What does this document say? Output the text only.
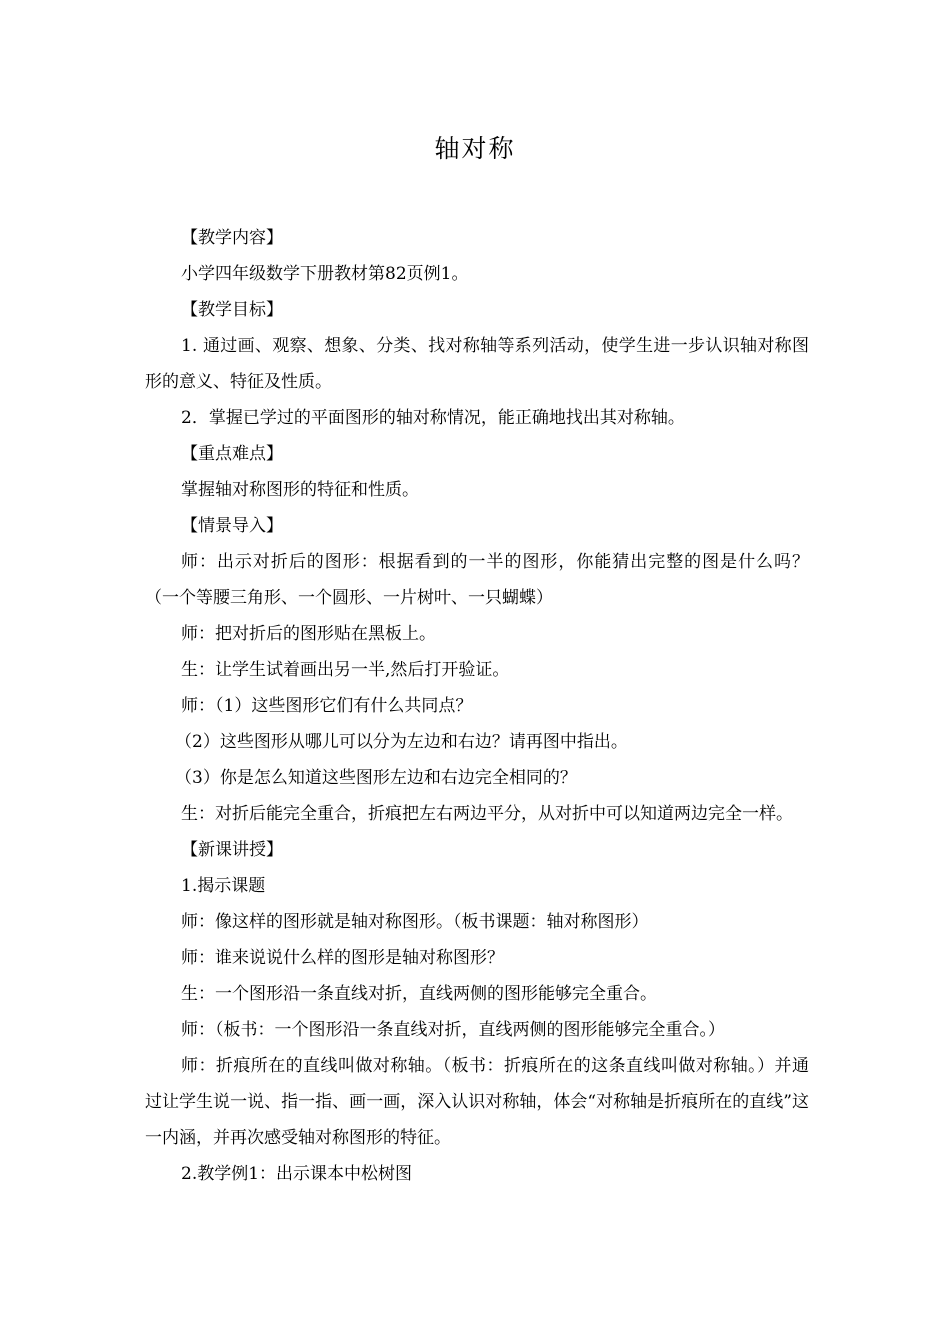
轴对称

【教学内容】

小学四年级数学下册教材第82页例1。

【教学目标】

1. 通过画、观察、想象、分类、找对称轴等系列活动，使学生进一步认识轴对称图形的意义、特征及性质。

2．掌握已学过的平面图形的轴对称情况，能正确地找出其对称轴。

【重点难点】

掌握轴对称图形的特征和性质。

【情景导入】

师：出示对折后的图形：根据看到的一半的图形，你能猜出完整的图是什么吗？（一个等腰三角形、一个圆形、一片树叶、一只蝴蝶）

师：把对折后的图形贴在黑板上。

生：让学生试着画出另一半,然后打开验证。

师：（1）这些图形它们有什么共同点？

（2）这些图形从哪儿可以分为左边和右边？请再图中指出。

（3）你是怎么知道这些图形左边和右边完全相同的？

生：对折后能完全重合，折痕把左右两边平分，从对折中可以知道两边完全一样。

【新课讲授】

1.揭示课题

师：像这样的图形就是轴对称图形。（板书课题：轴对称图形）

师：谁来说说什么样的图形是轴对称图形？

生：一个图形沿一条直线对折，直线两侧的图形能够完全重合。

师：（板书：一个图形沿一条直线对折，直线两侧的图形能够完全重合。）

师：折痕所在的直线叫做对称轴。（板书：折痕所在的这条直线叫做对称轴。）并通过让学生说一说、指一指、画一画，深入认识对称轴，体会“对称轴是折痕所在的直线”这一内涵，并再次感受轴对称图形的特征。

2.教学例1：出示课本中松树图
